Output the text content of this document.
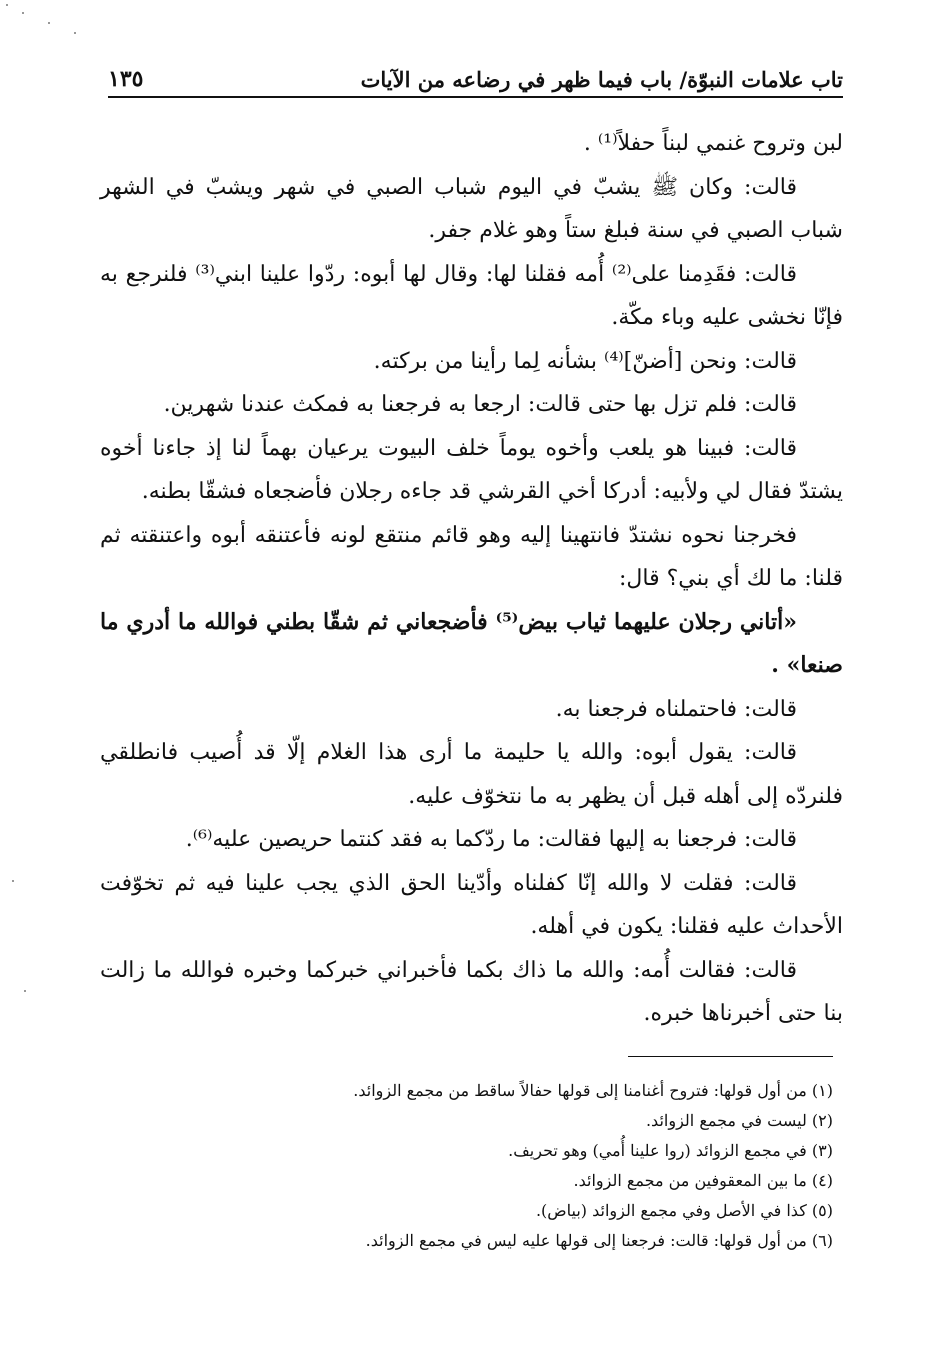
تاب علامات النبوّة/ باب فيما ظهر في رضاعه من الآيات
١٣٥

لبن وتروح غنمي لبناً حفلاً⁽¹⁾ .

قالت: وكان ﷺ يشبّ في اليوم شباب الصبي في شهر ويشبّ في الشهر شباب الصبي في سنة فبلغ ستاً وهو غلام جفر.

قالت: فقَدِمنا على⁽²⁾ أُمه فقلنا لها: وقال لها أبوه: ردّوا علينا ابني⁽³⁾ فلنرجع به فإنّا نخشى عليه وباء مكّة.

قالت: ونحن [أضنّ]⁽⁴⁾ بشأنه لِما رأينا من بركته.

قالت: فلم تزل بها حتى قالت: ارجعا به فرجعنا به فمكث عندنا شهرين.

قالت: فبينا هو يلعب وأخوه يوماً خلف البيوت يرعيان بهماً لنا إذ جاءنا أخوه يشتدّ فقال لي ولأبيه: أدركا أخي القرشي قد جاءه رجلان فأضجعاه فشقّا بطنه.

فخرجنا نحوه نشتدّ فانتهينا إليه وهو قائم منتقع لونه فأعتنقه أبوه واعتنقته ثم قلنا: ما لك أي بني؟ قال:

«أتاني رجلان عليهما ثياب بيض⁽⁵⁾ فأضجعاني ثم شقّا بطني فوالله ما أدري ما صنعا» .

قالت: فاحتملناه فرجعنا به.

قالت: يقول أبوه: والله يا حليمة ما أرى هذا الغلام إلّا قد أُصيب فانطلقي فلنردّه إلى أهله قبل أن يظهر به ما نتخوّف عليه.

قالت: فرجعنا به إليها فقالت: ما ردّكما به فقد كنتما حريصين عليه⁽⁶⁾.

قالت: فقلت لا والله إنّا كفلناه وأدّينا الحق الذي يجب علينا فيه ثم تخوّفت الأحداث عليه فقلنا: يكون في أهله.

قالت: فقالت أُمه: والله ما ذاك بكما فأخبراني خبركما وخبره فوالله ما زالت بنا حتى أخبرناها خبره.

(١) من أول قولها: فتروح أغنامنا إلى قولها حفالاً ساقط من مجمع الزوائد.
(٢) ليست في مجمع الزوائد.
(٣) في مجمع الزوائد (روا علينا أُمي) وهو تحريف.
(٤) ما بين المعقوفين من مجمع الزوائد.
(٥) كذا في الأصل وفي مجمع الزوائد (بياض).
(٦) من أول قولها: قالت: فرجعنا إلى قولها عليه ليس في مجمع الزوائد.
